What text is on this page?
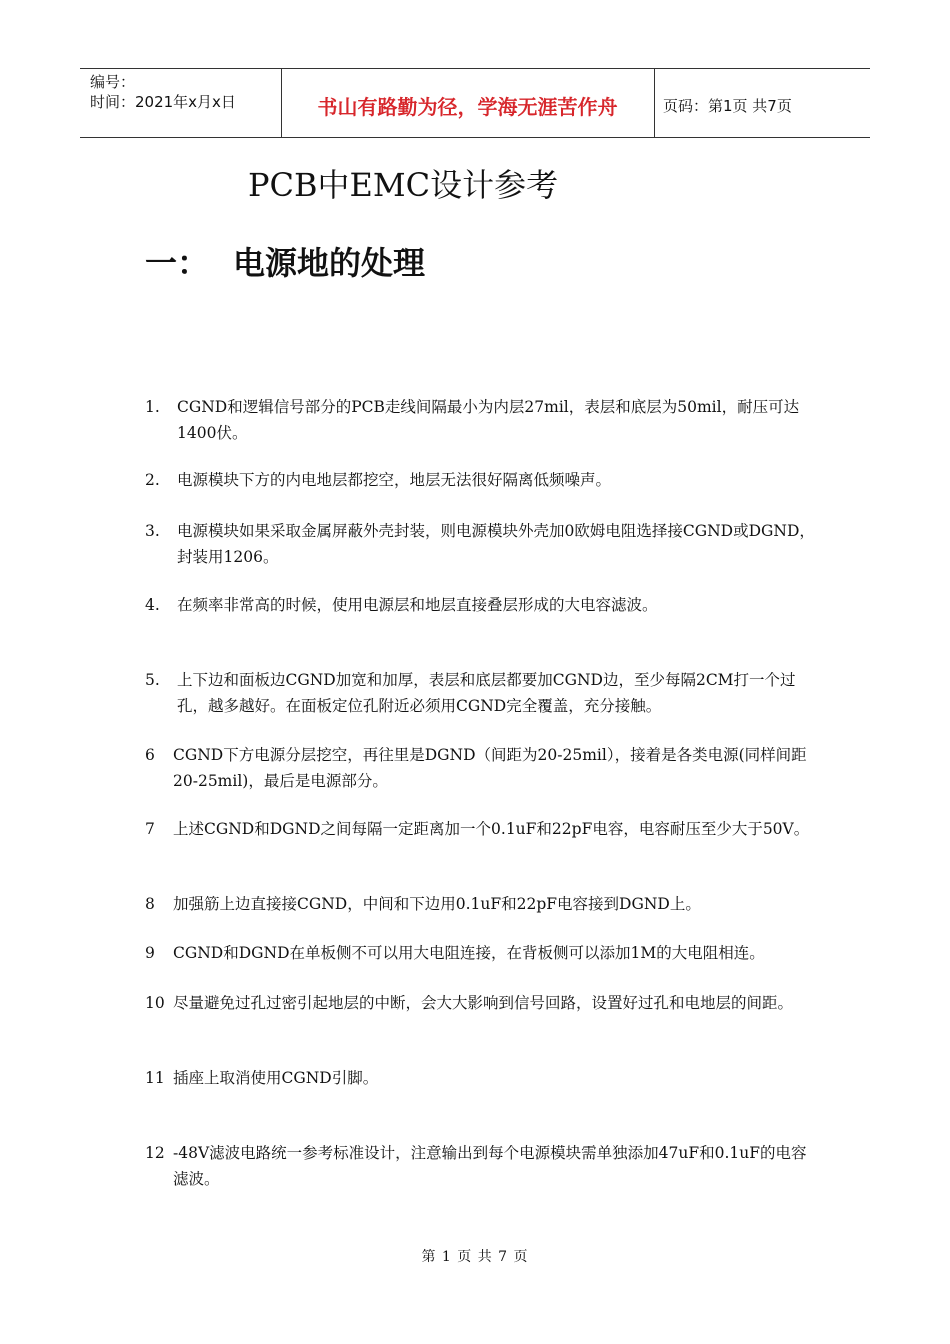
编号：
时间：2021年x月x日	书山有路勤为径，学海无涯苦作舟	页码：第1页 共7页
PCB中EMC设计参考
一： 电源地的处理
1.	CGND和逻辑信号部分的PCB走线间隔最小为内层27mil，表层和底层为50mil，耐压可达1400伏。
2.	电源模块下方的内电地层都挖空，地层无法很好隔离低频噪声。
3.	电源模块如果采取金属屏蔽外壳封装，则电源模块外壳加0欧姆电阻选择接CGND或DGND，封装用1206。
4.	在频率非常高的时候，使用电源层和地层直接叠层形成的大电容滤波。
5.	上下边和面板边CGND加宽和加厚，表层和底层都要加CGND边，至少每隔2CM打一个过孔，越多越好。在面板定位孔附近必须用CGND完全覆盖，充分接触。
6	CGND下方电源分层挖空，再往里是DGND（间距为20-25mil），接着是各类电源(同样间距20-25mil)，最后是电源部分。
7	上述CGND和DGND之间每隔一定距离加一个0.1uF和22pF电容，电容耐压至少大于50V。
8	加强筋上边直接接CGND，中间和下边用0.1uF和22pF电容接到DGND上。
9	CGND和DGND在单板侧不可以用大电阻连接，在背板侧可以添加1M的大电阻相连。
10 尽量避免过孔过密引起地层的中断，会大大影响到信号回路，设置好过孔和电地层的间距。
11 插座上取消使用CGND引脚。
12 -48V滤波电路统一参考标准设计，注意输出到每个电源模块需单独添加47uF和0.1uF的电容滤波。
第 1 页 共 7 页
